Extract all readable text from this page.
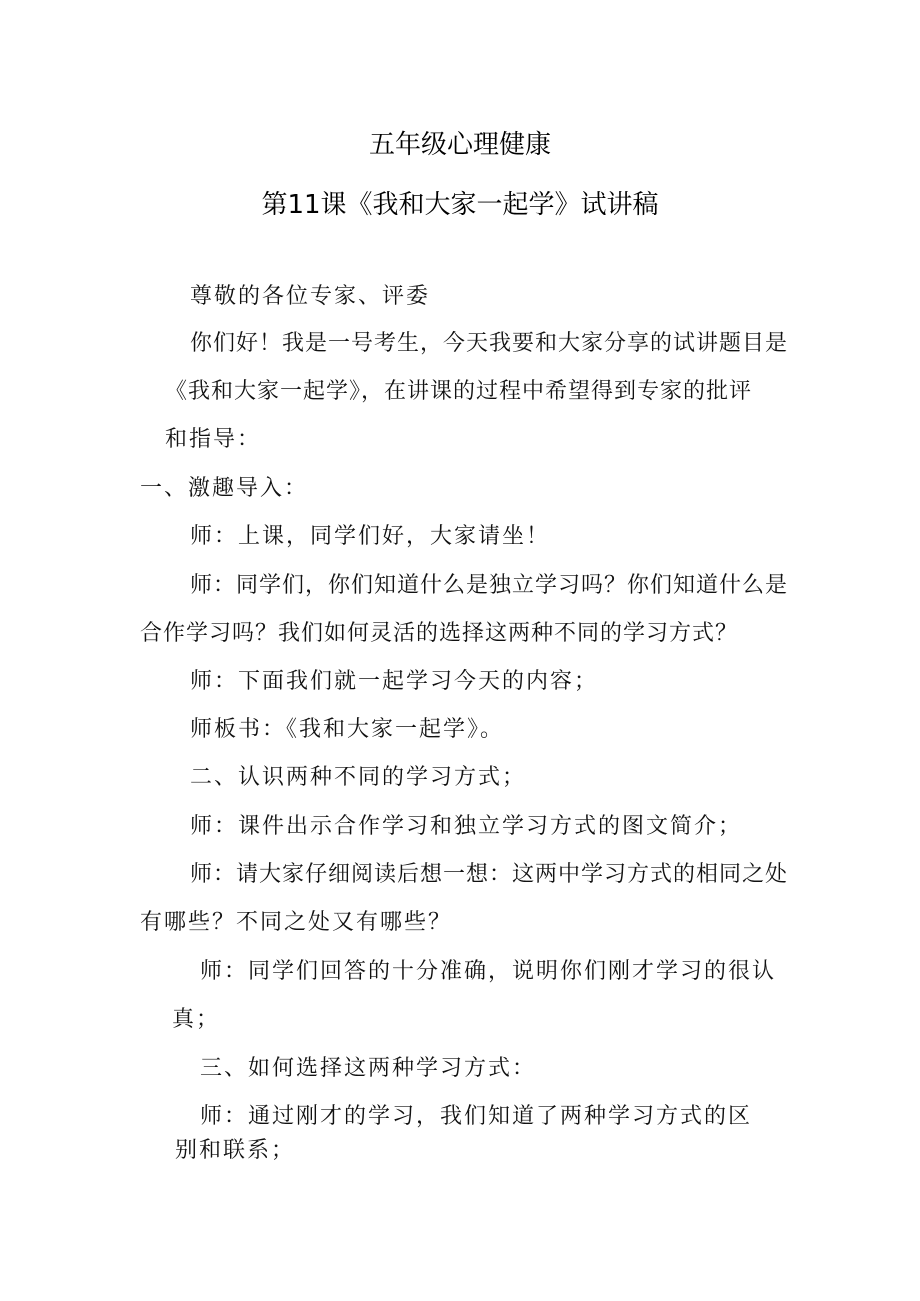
五年级心理健康
第11课《我和大家一起学》试讲稿
尊敬的各位专家、评委
你们好！我是一号考生，今天我要和大家分享的试讲题目是
《我和大家一起学》，在讲课的过程中希望得到专家的批评
和指导：
一、激趣导入：
师：上课，同学们好，大家请坐！
师：同学们，你们知道什么是独立学习吗？你们知道什么是
合作学习吗？我们如何灵活的选择这两种不同的学习方式？
师：下面我们就一起学习今天的内容；
师板书：《我和大家一起学》。
二、认识两种不同的学习方式；
师：课件出示合作学习和独立学习方式的图文简介；
师：请大家仔细阅读后想一想：这两中学习方式的相同之处
有哪些？不同之处又有哪些？
师：同学们回答的十分准确，说明你们刚才学习的很认
真；
三、如何选择这两种学习方式：
师：通过刚才的学习，我们知道了两种学习方式的区
别和联系；
